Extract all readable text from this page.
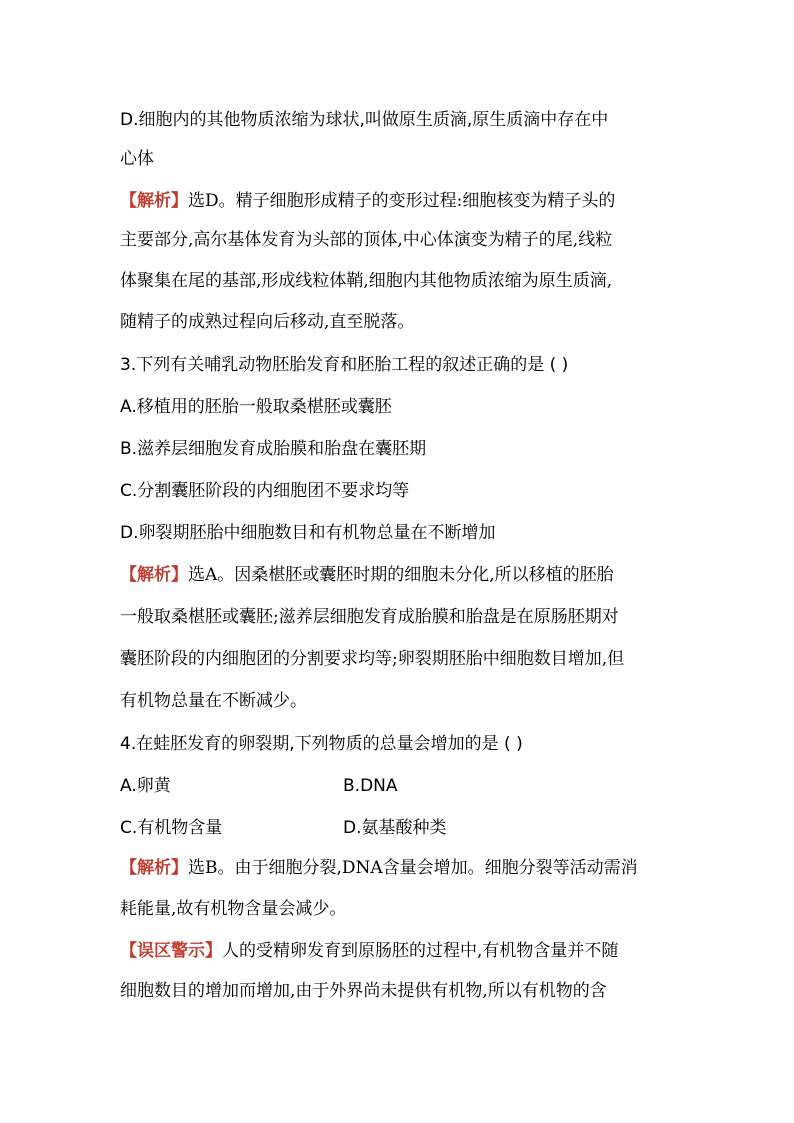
D.细胞内的其他物质浓缩为球状,叫做原生质滴,原生质滴中存在中
心体
【解析】选D。精子细胞形成精子的变形过程:细胞核变为精子头的
主要部分,高尔基体发育为头部的顶体,中心体演变为精子的尾,线粒
体聚集在尾的基部,形成线粒体鞘,细胞内其他物质浓缩为原生质滴,
随精子的成熟过程向后移动,直至脱落。
3.下列有关哺乳动物胚胎发育和胚胎工程的叙述正确的是 ( )
A.移植用的胚胎一般取桑椹胚或囊胚
B.滋养层细胞发育成胎膜和胎盘在囊胚期
C.分割囊胚阶段的内细胞团不要求均等
D.卵裂期胚胎中细胞数目和有机物总量在不断增加
【解析】选A。因桑椹胚或囊胚时期的细胞未分化,所以移植的胚胎
一般取桑椹胚或囊胚;滋养层细胞发育成胎膜和胎盘是在原肠胚期对
囊胚阶段的内细胞团的分割要求均等;卵裂期胚胎中细胞数目增加,但
有机物总量在不断减少。
4.在蛙胚发育的卵裂期,下列物质的总量会增加的是 ( )
A.卵黄	B.DNA
C.有机物含量	D.氨基酸种类
【解析】选B。由于细胞分裂,DNA含量会增加。细胞分裂等活动需消
耗能量,故有机物含量会减少。
【误区警示】人的受精卵发育到原肠胚的过程中,有机物含量并不随
细胞数目的增加而增加,由于外界尚未提供有机物,所以有机物的含
